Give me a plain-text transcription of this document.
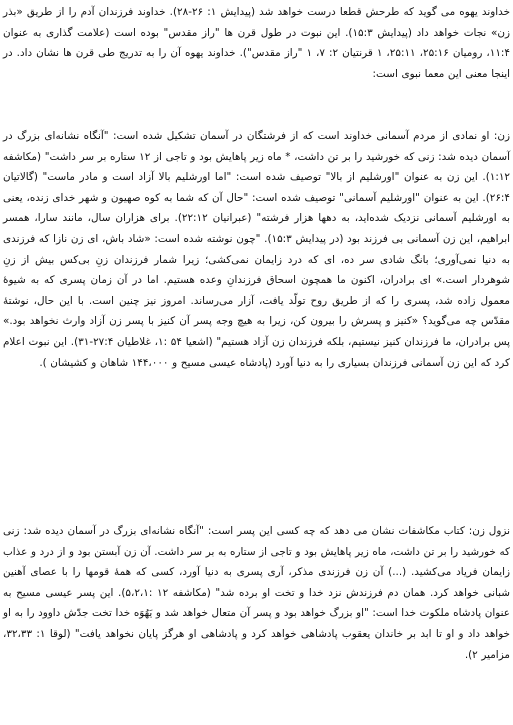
خداوند یهوه می گوید که طرحش قطعا درست خواهد شد (پیدایش ۱: ۲۶-۲۸). خداوند فرزندان آدم را از طریق «بذر زن» نجات خواهد داد (پیدایش ۱۵:۳). این نبوت در طول قرن ها "راز مقدس" بوده است (علامت گذاری به عنوان ۱۱:۴، رومیان ۲۵:۱۶، ۲۵:۱۱، ۱ قرنتیان ۲: ۷، ۱ "راز مقدس"). خداوند یهوه آن را به تدریج طی قرن ها نشان داد. در اینجا معنی این معما نبوی است:

زن: او نمادی از مردم آسمانی خداوند است که از فرشتگان در آسمان تشکیل شده است: "آنگاه نشانه‌ای بزرگ در آسمان دیده شد: زنی که خورشید را بر تن داشت، * ماه زیر پاهایش بود و تاجی از ۱۲ ستاره بر سر داشت" (مکاشفه ۱:۱۲). این زن به عنوان "اورشلیم از بالا" توصیف شده است: "اما اورشلیم بالا آزاد است و مادر ماست" (گالاتیان ۲۶:۴). این به عنوان "اورشلیم آسمانی" توصیف شده است: "حال آن که شما به کوه صهیون و شهر خدای زنده، یعنی به اورشلیم آسمانی نزدیک شده‌اید، به دهها هزار فرشته" (عبرانیان ۲۲:۱۲). برای هزاران سال، مانند سارا، همسر ابراهیم، این زن آسمانی بی فرزند بود (در پیدایش ۱۵:۳). "چون نوشته شده است: «شاد باش، ای زن نازا که فرزندی به دنیا نمی‌آوری؛ بانگ شادی سر ده، ای که درد زایمان نمی‌کشی؛ زیرا شمار فرزندان زنِ بی‌کس بیش از زنِ شوهردار است.» ای برادران، اکنون ما همچون اسحاق فرزندانِ وعده هستیم. اما در آن زمان پسری که به شیوۀ معمول زاده شد، پسری را که از طریق روح تولّد یافت، آزار می‌رساند. امروز نیز چنین است. با این حال، نوشتۀ مقدّس چه می‌گوید؟ «کنیز و پسرش را بیرون کن، زیرا به هیچ وجه پسر آن کنیز با پسر زن آزاد وارث نخواهد بود.» پس برادران، ما فرزندان کنیز نیستیم، بلکه فرزندان زن آزاد هستیم" (اشعیا ۵۴ :۱، غلاطیان ۲۷:۴-۳۱). این نبوت اعلام کرد که این زن آسمانی فرزندان بسیاری را به دنیا آورد (پادشاه عیسی مسیح و ۱۴۴،۰۰۰ شاهان و کشیشان ).

نزول زن: کتاب مکاشفات نشان می دهد که چه کسی این پسر است: "آنگاه نشانه‌ای بزرگ در آسمان دیده شد: زنی که خورشید را بر تن داشت، ماه زیر پاهایش بود و تاجی از ستاره به بر سر داشت. آن زن آبستن بود و از درد و عذاب زایمان فریاد می‌کشید. (...) آن زن فرزندی مذکر، آری پسری به دنیا آورد، کسی که همۀ قومها را با عصای آهنین شبانی خواهد کرد. همان دم فرزندش نزد خدا و تخت او برده شد" (مکاشفه ۱۲ :۵،۲،۱). این پسر عیسی مسیح به عنوان پادشاه ملکوت خدا است: "او بزرگ خواهد بود و پسر آن متعال خواهد شد و یَهُوَه خدا تخت جدّش داوود را به او خواهد داد و او تا ابد بر خاندان یعقوب پادشاهی خواهد کرد و پادشاهی او هرگز پایان نخواهد یافت" (لوقا ۱: ۳۲،۳۳، مزامیر ۲).
